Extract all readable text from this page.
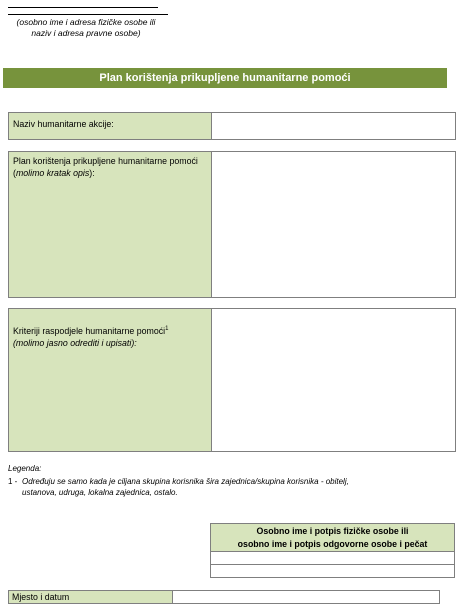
(osobno ime i adresa fizičke osobe ili
naziv i adresa pravne osobe)
Plan korištenja prikupljene humanitarne pomoći
Naziv humanitarne akcije:
Plan korištenja prikupljene humanitarne pomoći (molimo kratak opis):
Kriteriji raspodjele humanitarne pomoći$^1$
(molimo jasno odrediti i upisati):
Legenda:
1 - Određuju se samo kada je ciljana skupina korisnika šira zajednica/skupina korisnika - obitelj,
ustanova, udruga, lokalna zajednica, ostalo.
Osobno ime i potpis fizičke osobe ili
osobno ime i potpis odgovorne osobe i pečat
Mjesto i datum
